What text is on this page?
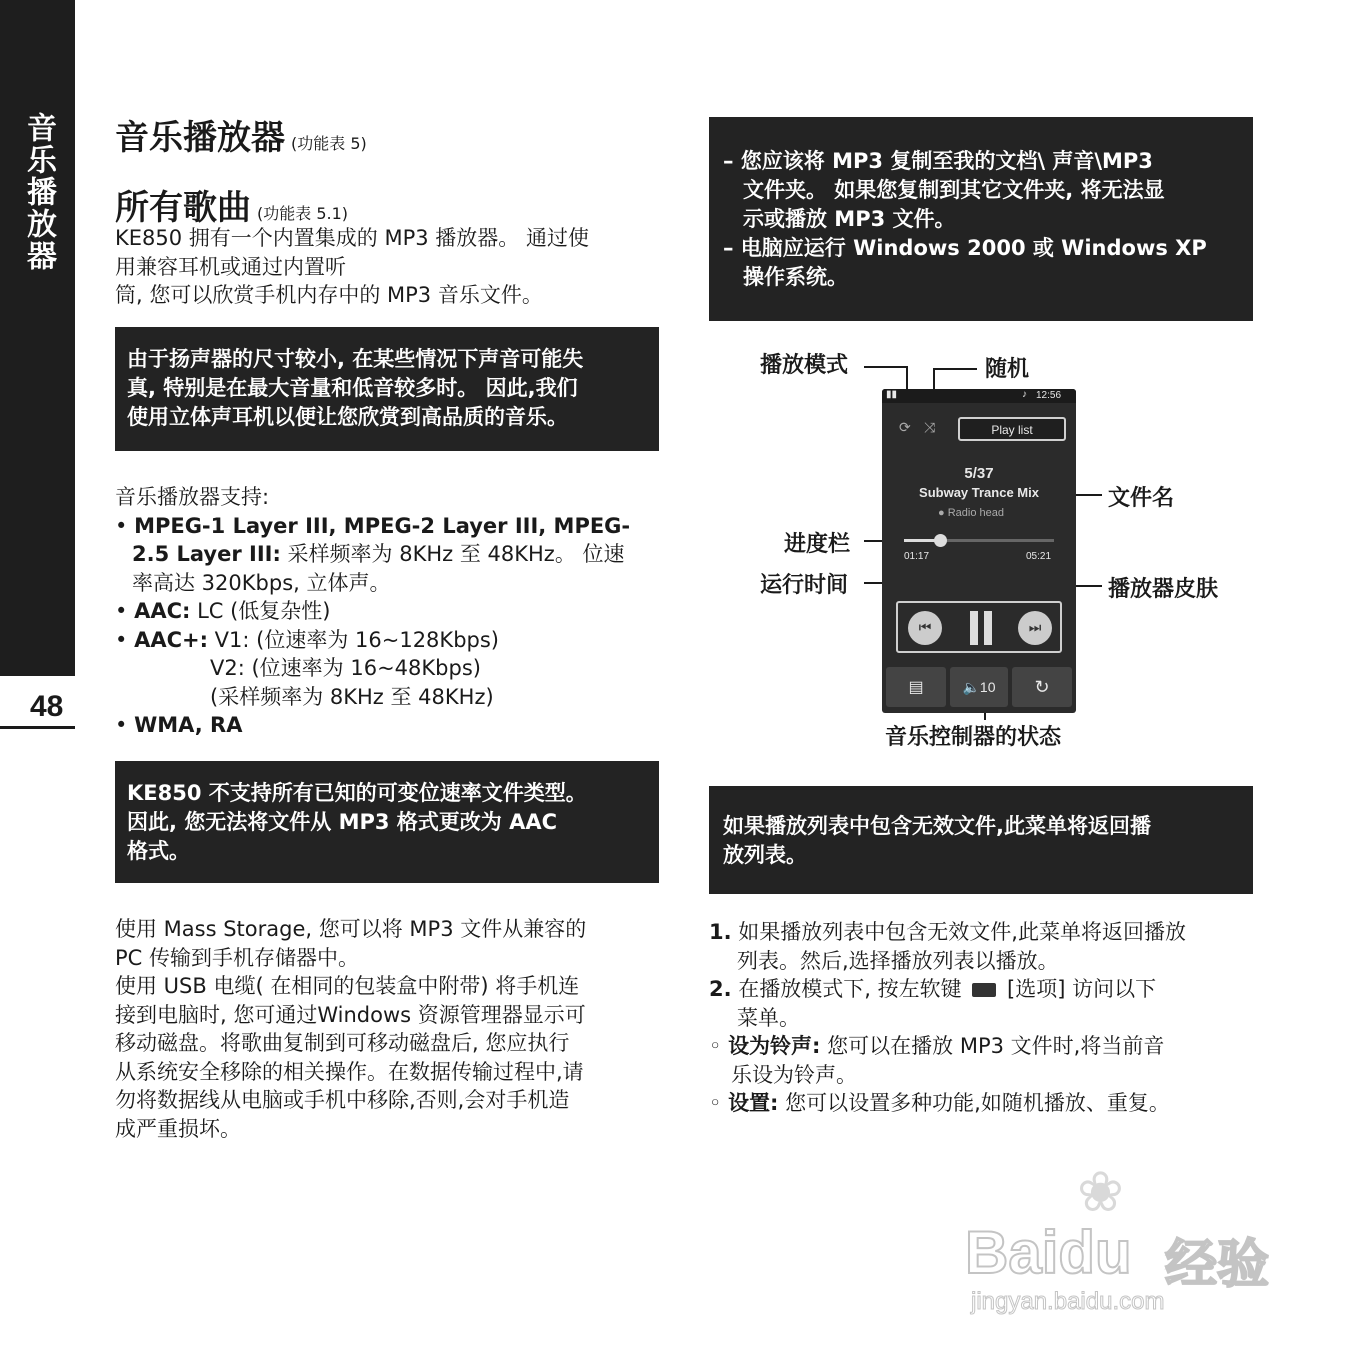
音乐播放器
48
音乐播放器 (功能表 5)
所有歌曲 (功能表 5.1)
KE850 拥有一个内置集成的 MP3 播放器。 通过使
用兼容耳机或通过内置听
筒, 您可以欣赏手机内存中的 MP3 音乐文件。

由于扬声器的尺寸较小, 在某些情况下声音可能失

真, 特别是在最大音量和低音较多时。 因此,我们

使用立体声耳机以便让您欣赏到高品质的音乐。

音乐播放器支持:
• MPEG-1 Layer III, MPEG-2 Layer III, MPEG-
2.5 Layer III: 采样频率为 8KHz 至 48KHz。 位速
率高达 320Kbps, 立体声。
• AAC: LC (低复杂性)
• AAC+: V1: (位速率为 16~128Kbps)
V2: (位速率为 16~48Kbps)
(采样频率为 8KHz 至 48KHz)
• WMA, RA

KE850 不支持所有已知的可变位速率文件类型。

因此, 您无法将文件从 MP3 格式更改为 AAC

格式。

使用 Mass Storage, 您可以将 MP3 文件从兼容的
PC 传输到手机存储器中。
使用 USB 电缆( 在相同的包装盒中附带) 将手机连
接到电脑时, 您可通过Windows 资源管理器显示可
移动磁盘。将歌曲复制到可移动磁盘后, 您应执行
从系统安全移除的相关操作。在数据传输过程中,请
勿将数据线从电脑或手机中移除,否则,会对手机造
成严重损坏。

– 您应该将 MP3 复制至我的文档\ 声音\MP3

文件夹。 如果您复制到其它文件夹, 将无法显

示或播放 MP3 文件。

– 电脑应运行 Windows 2000 或 Windows XP

操作系统。

播放模式	随机
文件名
进度栏
运行时间	播放器皮肤
音乐控制器的状态
▮▮	♪ 12:56
⟳ ⤨	Play list
5/37
Subway Trance Mix
● Radio head
01:17	05:21
⏮	⏭
▤	🔈10	↻

如果播放列表中包含无效文件,此菜单将返回播

放列表。

1. 如果播放列表中包含无效文件,此菜单将返回播放
列表。然后,选择播放列表以播放。
2. 在播放模式下, 按左软键 [选项] 访问以下
菜单。
◦ 设为铃声: 您可以在播放 MP3 文件时,将当前音
乐设为铃声。
◦ 设置: 您可以设置多种功能,如随机播放、重复。
❀
Baidu 经验
jingyan.baidu.com
